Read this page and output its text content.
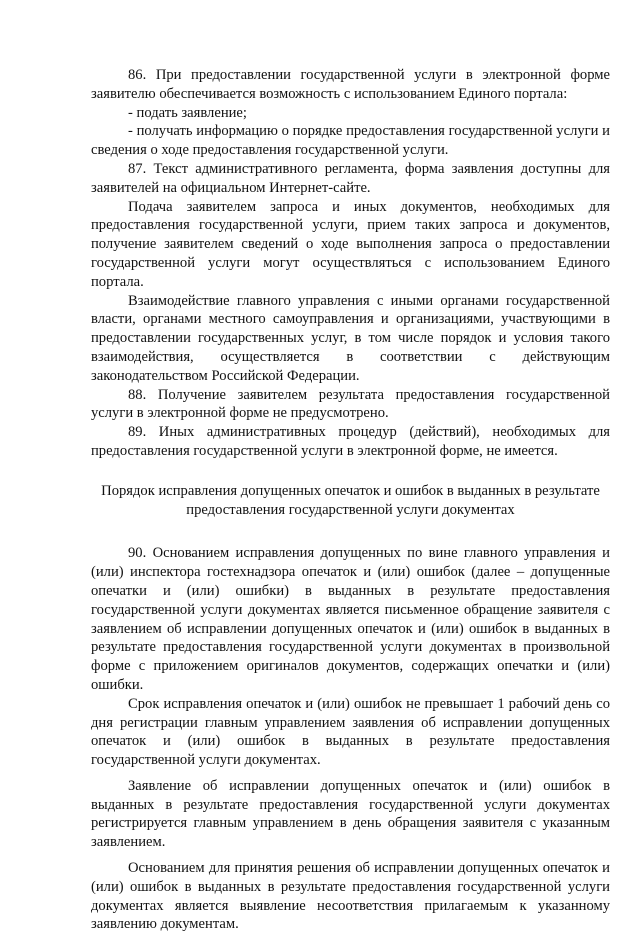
86. При предоставлении государственной услуги в электронной форме заявителю обеспечивается возможность с использованием Единого портала:

- подать заявление;

- получать информацию о порядке предоставления государственной услуги и сведения о ходе предоставления государственной услуги.

87. Текст административного регламента, форма заявления доступны для заявителей на официальном Интернет-сайте.

Подача заявителем запроса и иных документов, необходимых для предоставления государственной услуги, прием таких запроса и документов, получение заявителем сведений о ходе выполнения запроса о предоставлении государственной услуги могут осуществляться с использованием Единого портала.

Взаимодействие главного управления с иными органами государственной власти, органами местного самоуправления и организациями, участвующими в предоставлении государственных услуг, в том числе порядок и условия такого взаимодействия, осуществляется в соответствии с действующим законодательством Российской Федерации.

88. Получение заявителем результата предоставления государственной услуги в электронной форме не предусмотрено.

89. Иных административных процедур (действий), необходимых для предоставления государственной услуги в электронной форме, не имеется.

Порядок исправления допущенных опечаток и ошибок в выданных в результате предоставления государственной услуги документах

90. Основанием исправления допущенных по вине главного управления и (или) инспектора гостехнадзора опечаток и (или) ошибок (далее – допущенные опечатки и (или) ошибки) в выданных в результате предоставления государственной услуги документах является письменное обращение заявителя с заявлением об исправлении допущенных опечаток и (или) ошибок в выданных в результате предоставления государственной услуги документах в произвольной форме с приложением оригиналов документов, содержащих опечатки и (или) ошибки.

Срок исправления опечаток и (или) ошибок не превышает 1 рабочий день со дня регистрации главным управлением заявления об исправлении допущенных опечаток и (или) ошибок в выданных в результате предоставления государственной услуги документах.

Заявление об исправлении допущенных опечаток и (или) ошибок в выданных в результате предоставления государственной услуги документах регистрируется главным управлением в день обращения заявителя с указанным заявлением.

Основанием для принятия решения об исправлении допущенных опечаток и (или) ошибок в выданных в результате предоставления государственной услуги документах является выявление несоответствия прилагаемым к указанному заявлению документам.
